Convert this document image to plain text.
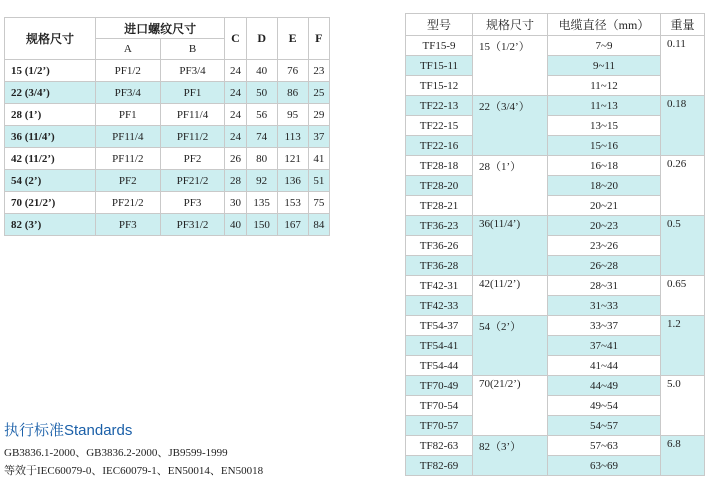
规格尺寸	进口螺纹尺寸		C	D	E	F
	A	B				
15 (1/2’)	PF1/2	PF3/4	24	40	76	23
22 (3/4’)	PF3/4	PF1	24	50	86	25
28 (1’)	PF1	PF11/4	24	56	95	29
36 (11/4’)	PF11/4	PF11/2	24	74	113	37
42 (11/2’)	PF11/2	PF2	26	80	121	41
54 (2’)	PF2	PF21/2	28	92	136	51
70 (21/2’)	PF21/2	PF3	30	135	153	75
82 (3’)	PF3	PF31/2	40	150	167	84
型号	规格尺寸	电缆直径（mm）	重量
TF15-9	15（1/2’）	7~9	0.11
TF15-11		9~11	
TF15-12		11~12	
TF22-13	22（3/4’）	11~13	0.18
TF22-15		13~15	
TF22-16		15~16	
TF28-18	28（1’）	16~18	0.26
TF28-20		18~20	
TF28-21		20~21	
TF36-23	36(11/4’)	20~23	0.5
TF36-26		23~26	
TF36-28		26~28	
TF42-31	42(11/2’)	28~31	0.65
TF42-33		31~33	
TF54-37	54（2’）	33~37	1.2
TF54-41		37~41	
TF54-44		41~44	
TF70-49	70(21/2’)	44~49	5.0
TF70-54		49~54	
TF70-57		54~57	
TF82-63	82（3’）	57~63	6.8
TF82-69		63~69	
执行标准Standards
GB3836.1-2000、GB3836.2-2000、JB9599-1999
等效于IEC60079-0、IEC60079-1、EN50014、EN50018
